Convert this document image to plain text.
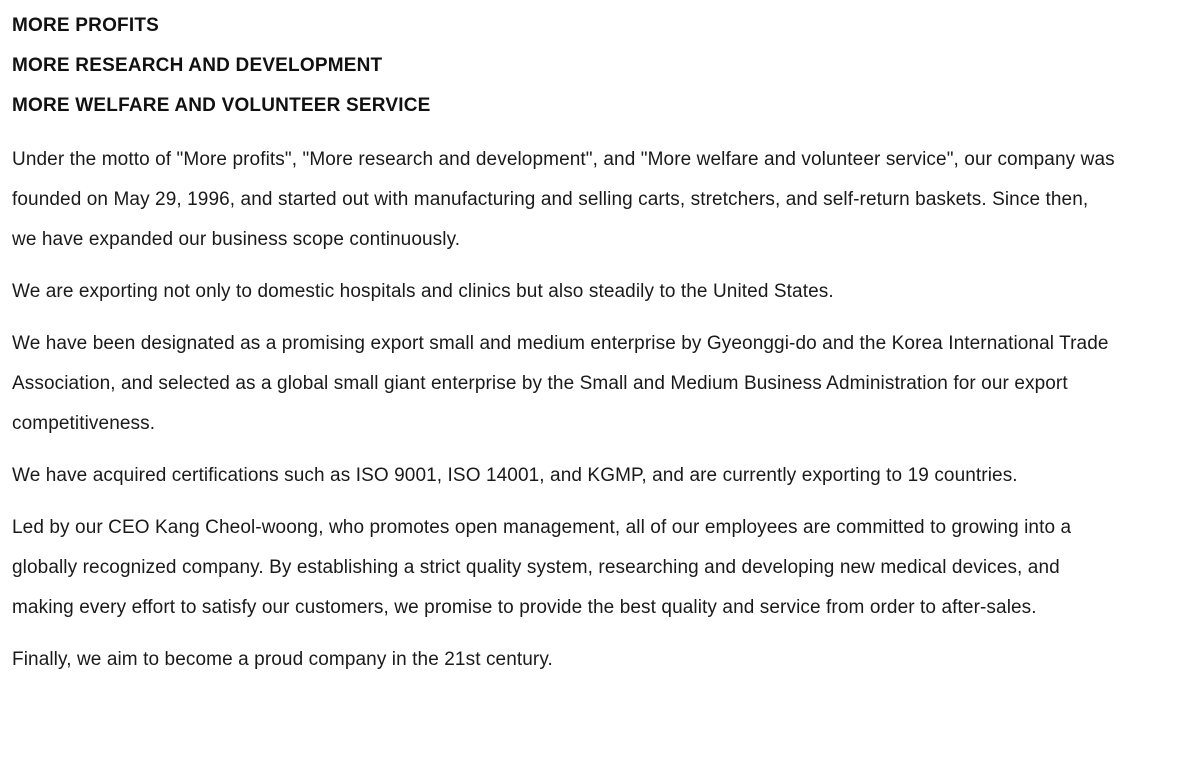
MORE PROFITS
MORE RESEARCH AND DEVELOPMENT
MORE WELFARE AND VOLUNTEER SERVICE

Under the motto of "More profits", "More research and development", and "More welfare and volunteer service", our company was founded on May 29, 1996, and started out with manufacturing and selling carts, stretchers, and self-return baskets. Since then, we have expanded our business scope continuously.

We are exporting not only to domestic hospitals and clinics but also steadily to the United States.

We have been designated as a promising export small and medium enterprise by Gyeonggi-do and the Korea International Trade Association, and selected as a global small giant enterprise by the Small and Medium Business Administration for our export competitiveness.

We have acquired certifications such as ISO 9001, ISO 14001, and KGMP, and are currently exporting to 19 countries.

Led by our CEO Kang Cheol-woong, who promotes open management, all of our employees are committed to growing into a globally recognized company. By establishing a strict quality system, researching and developing new medical devices, and making every effort to satisfy our customers, we promise to provide the best quality and service from order to after-sales.

Finally, we aim to become a proud company in the 21st century.
